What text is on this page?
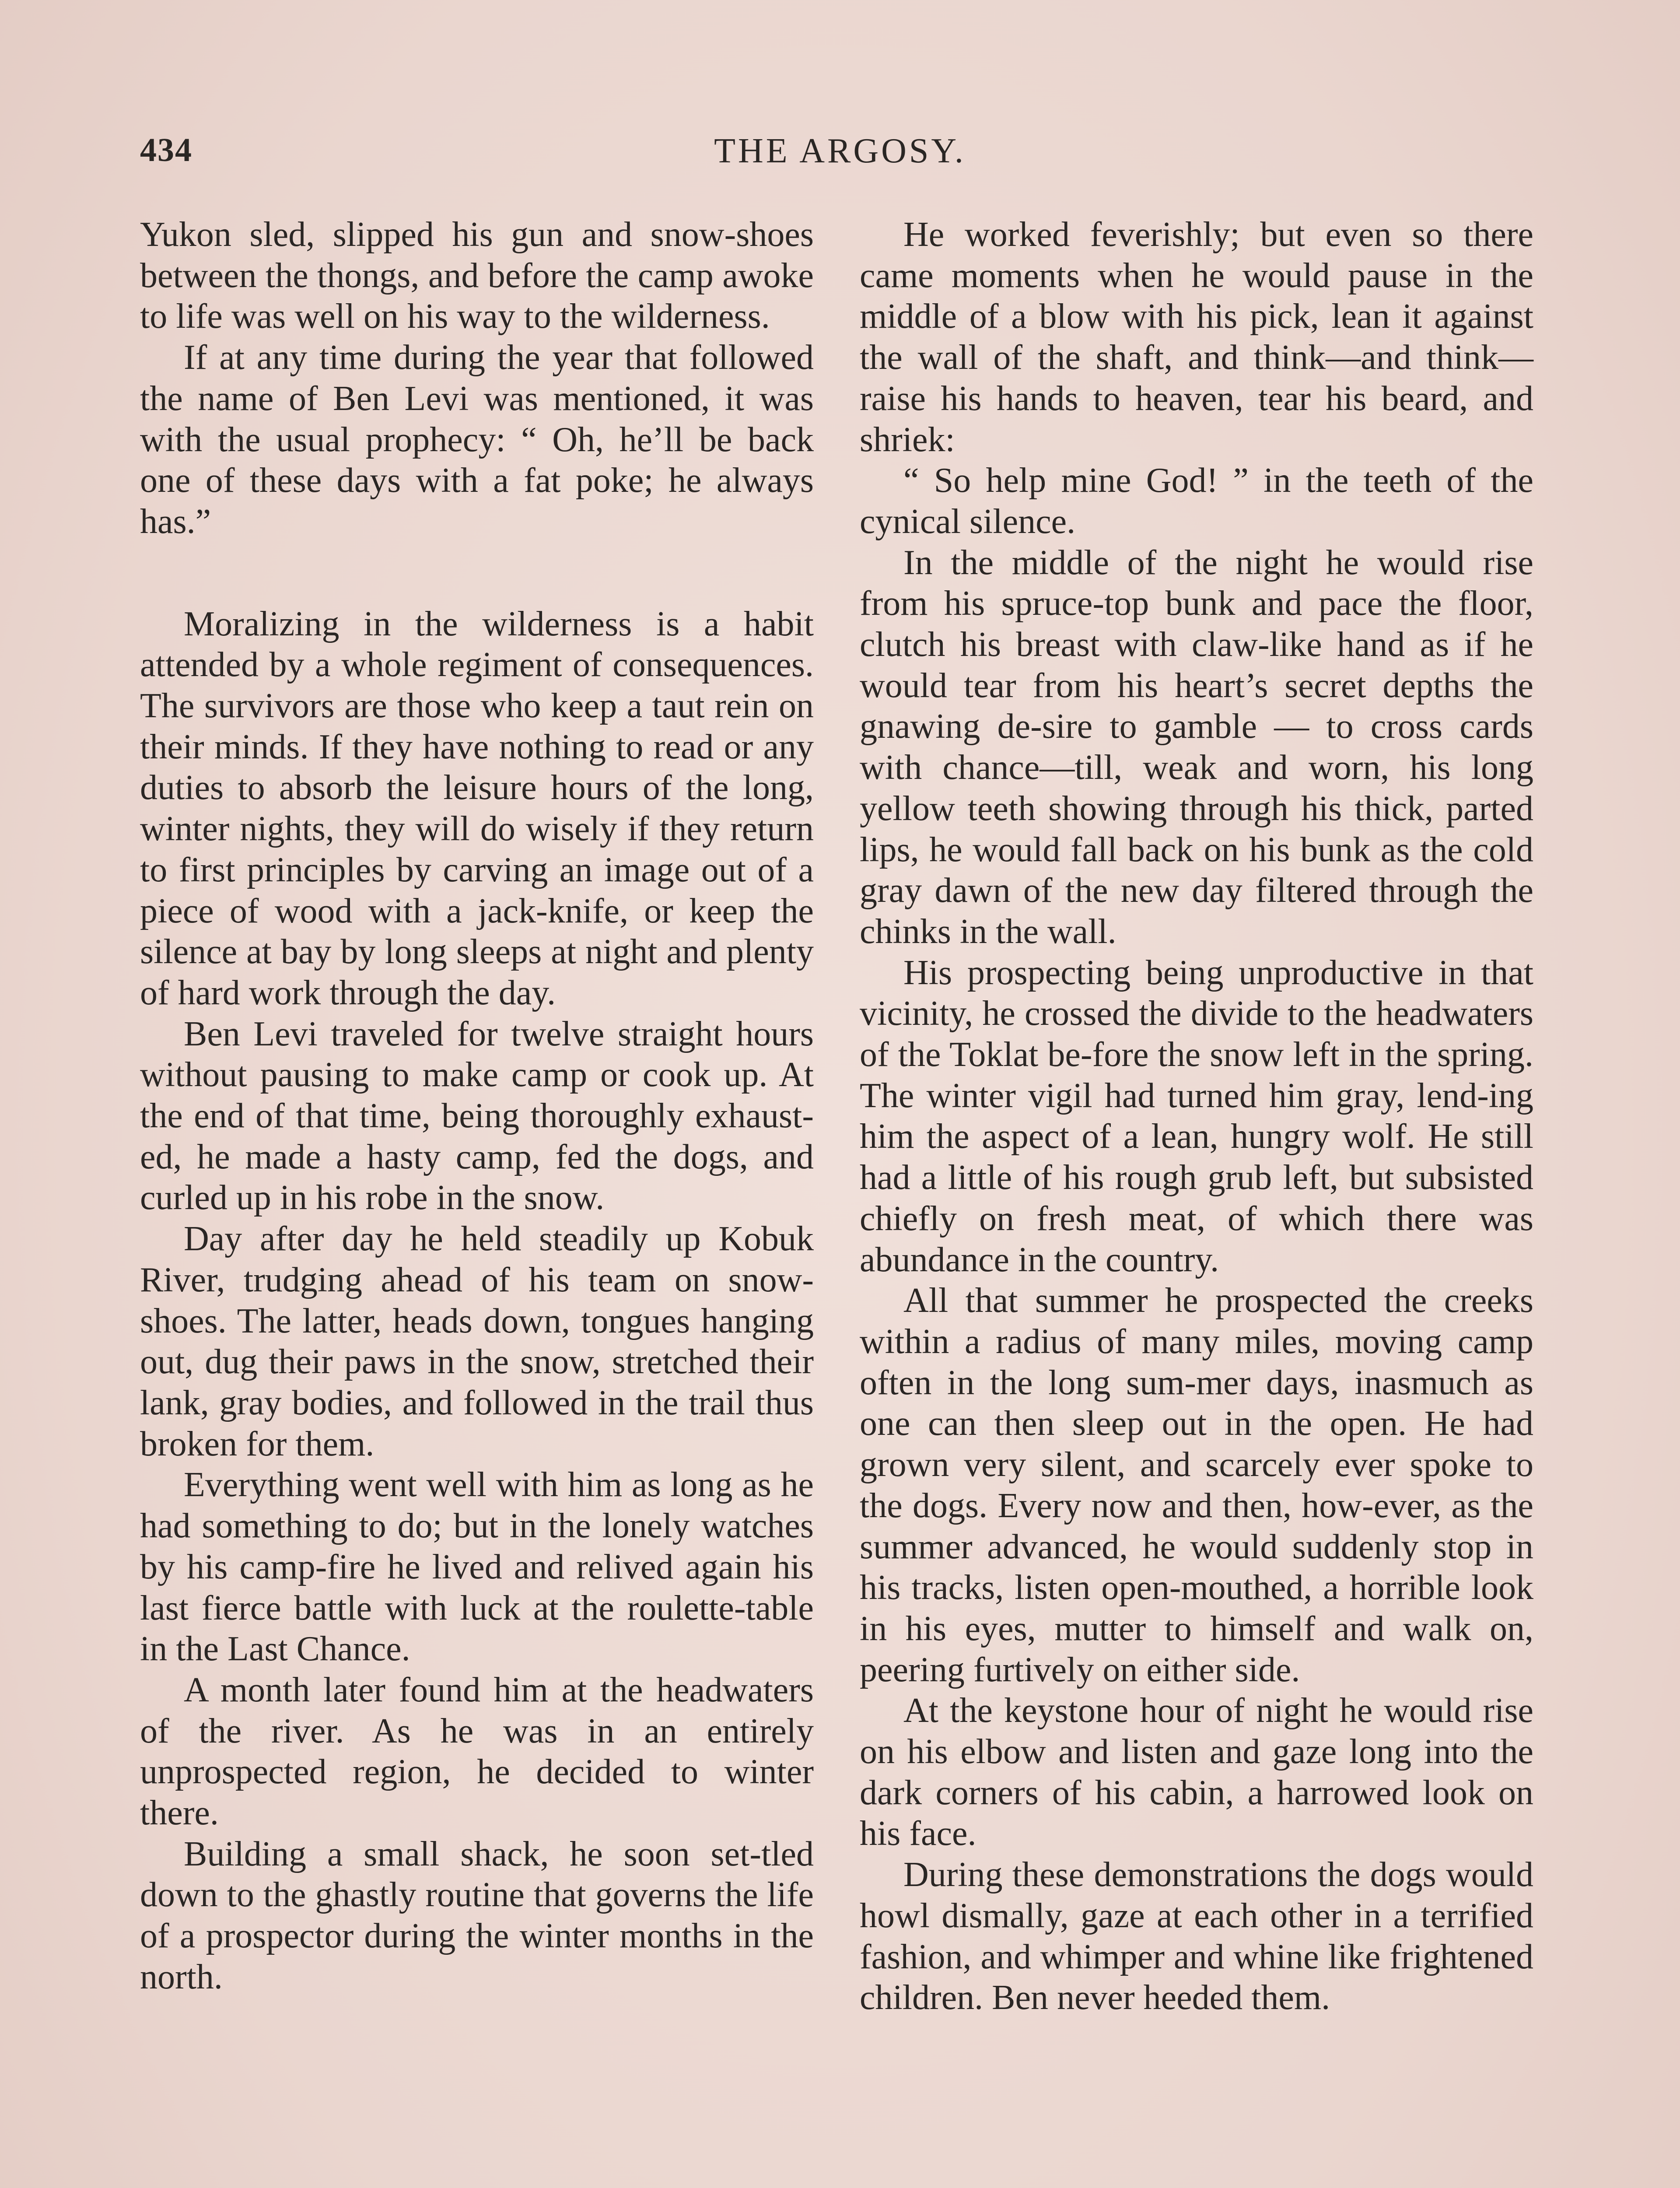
434	THE ARGOSY.

Yukon sled, slipped his gun and snow-shoes between the thongs, and before the camp awoke to life was well on his way to the wilderness.

If at any time during the year that followed the name of Ben Levi was mentioned, it was with the usual prophecy: “ Oh, he’ll be back one of these days with a fat poke; he always has.”

Moralizing in the wilderness is a habit attended by a whole regiment of consequences. The survivors are those who keep a taut rein on their minds. If they have nothing to read or any duties to absorb the leisure hours of the long, winter nights, they will do wisely if they return to first principles by carving an image out of a piece of wood with a jack-knife, or keep the silence at bay by long sleeps at night and plenty of hard work through the day.

Ben Levi traveled for twelve straight hours without pausing to make camp or cook up. At the end of that time, being thoroughly exhaust-ed, he made a hasty camp, fed the dogs, and curled up in his robe in the snow.

Day after day he held steadily up Kobuk River, trudging ahead of his team on snow-shoes. The latter, heads down, tongues hanging out, dug their paws in the snow, stretched their lank, gray bodies, and followed in the trail thus broken for them.

Everything went well with him as long as he had something to do; but in the lonely watches by his camp-fire he lived and relived again his last fierce battle with luck at the roulette-table in the Last Chance.

A month later found him at the headwaters of the river. As he was in an entirely unprospected region, he decided to winter there.

Building a small shack, he soon set-tled down to the ghastly routine that governs the life of a prospector during the winter months in the north.

He worked feverishly; but even so there came moments when he would pause in the middle of a blow with his pick, lean it against the wall of the shaft, and think—and think—raise his hands to heaven, tear his beard, and shriek:

“ So help mine God! ” in the teeth of the cynical silence.

In the middle of the night he would rise from his spruce-top bunk and pace the floor, clutch his breast with claw-like hand as if he would tear from his heart’s secret depths the gnawing de-sire to gamble — to cross cards with chance—till, weak and worn, his long yellow teeth showing through his thick, parted lips, he would fall back on his bunk as the cold gray dawn of the new day filtered through the chinks in the wall.

His prospecting being unproductive in that vicinity, he crossed the divide to the headwaters of the Toklat be-fore the snow left in the spring. The winter vigil had turned him gray, lend-ing him the aspect of a lean, hungry wolf. He still had a little of his rough grub left, but subsisted chiefly on fresh meat, of which there was abundance in the country.

All that summer he prospected the creeks within a radius of many miles, moving camp often in the long sum-mer days, inasmuch as one can then sleep out in the open. He had grown very silent, and scarcely ever spoke to the dogs. Every now and then, how-ever, as the summer advanced, he would suddenly stop in his tracks, listen open-mouthed, a horrible look in his eyes, mutter to himself and walk on, peering furtively on either side.

At the keystone hour of night he would rise on his elbow and listen and gaze long into the dark corners of his cabin, a harrowed look on his face.

During these demonstrations the dogs would howl dismally, gaze at each other in a terrified fashion, and whimper and whine like frightened children. Ben never heeded them.
